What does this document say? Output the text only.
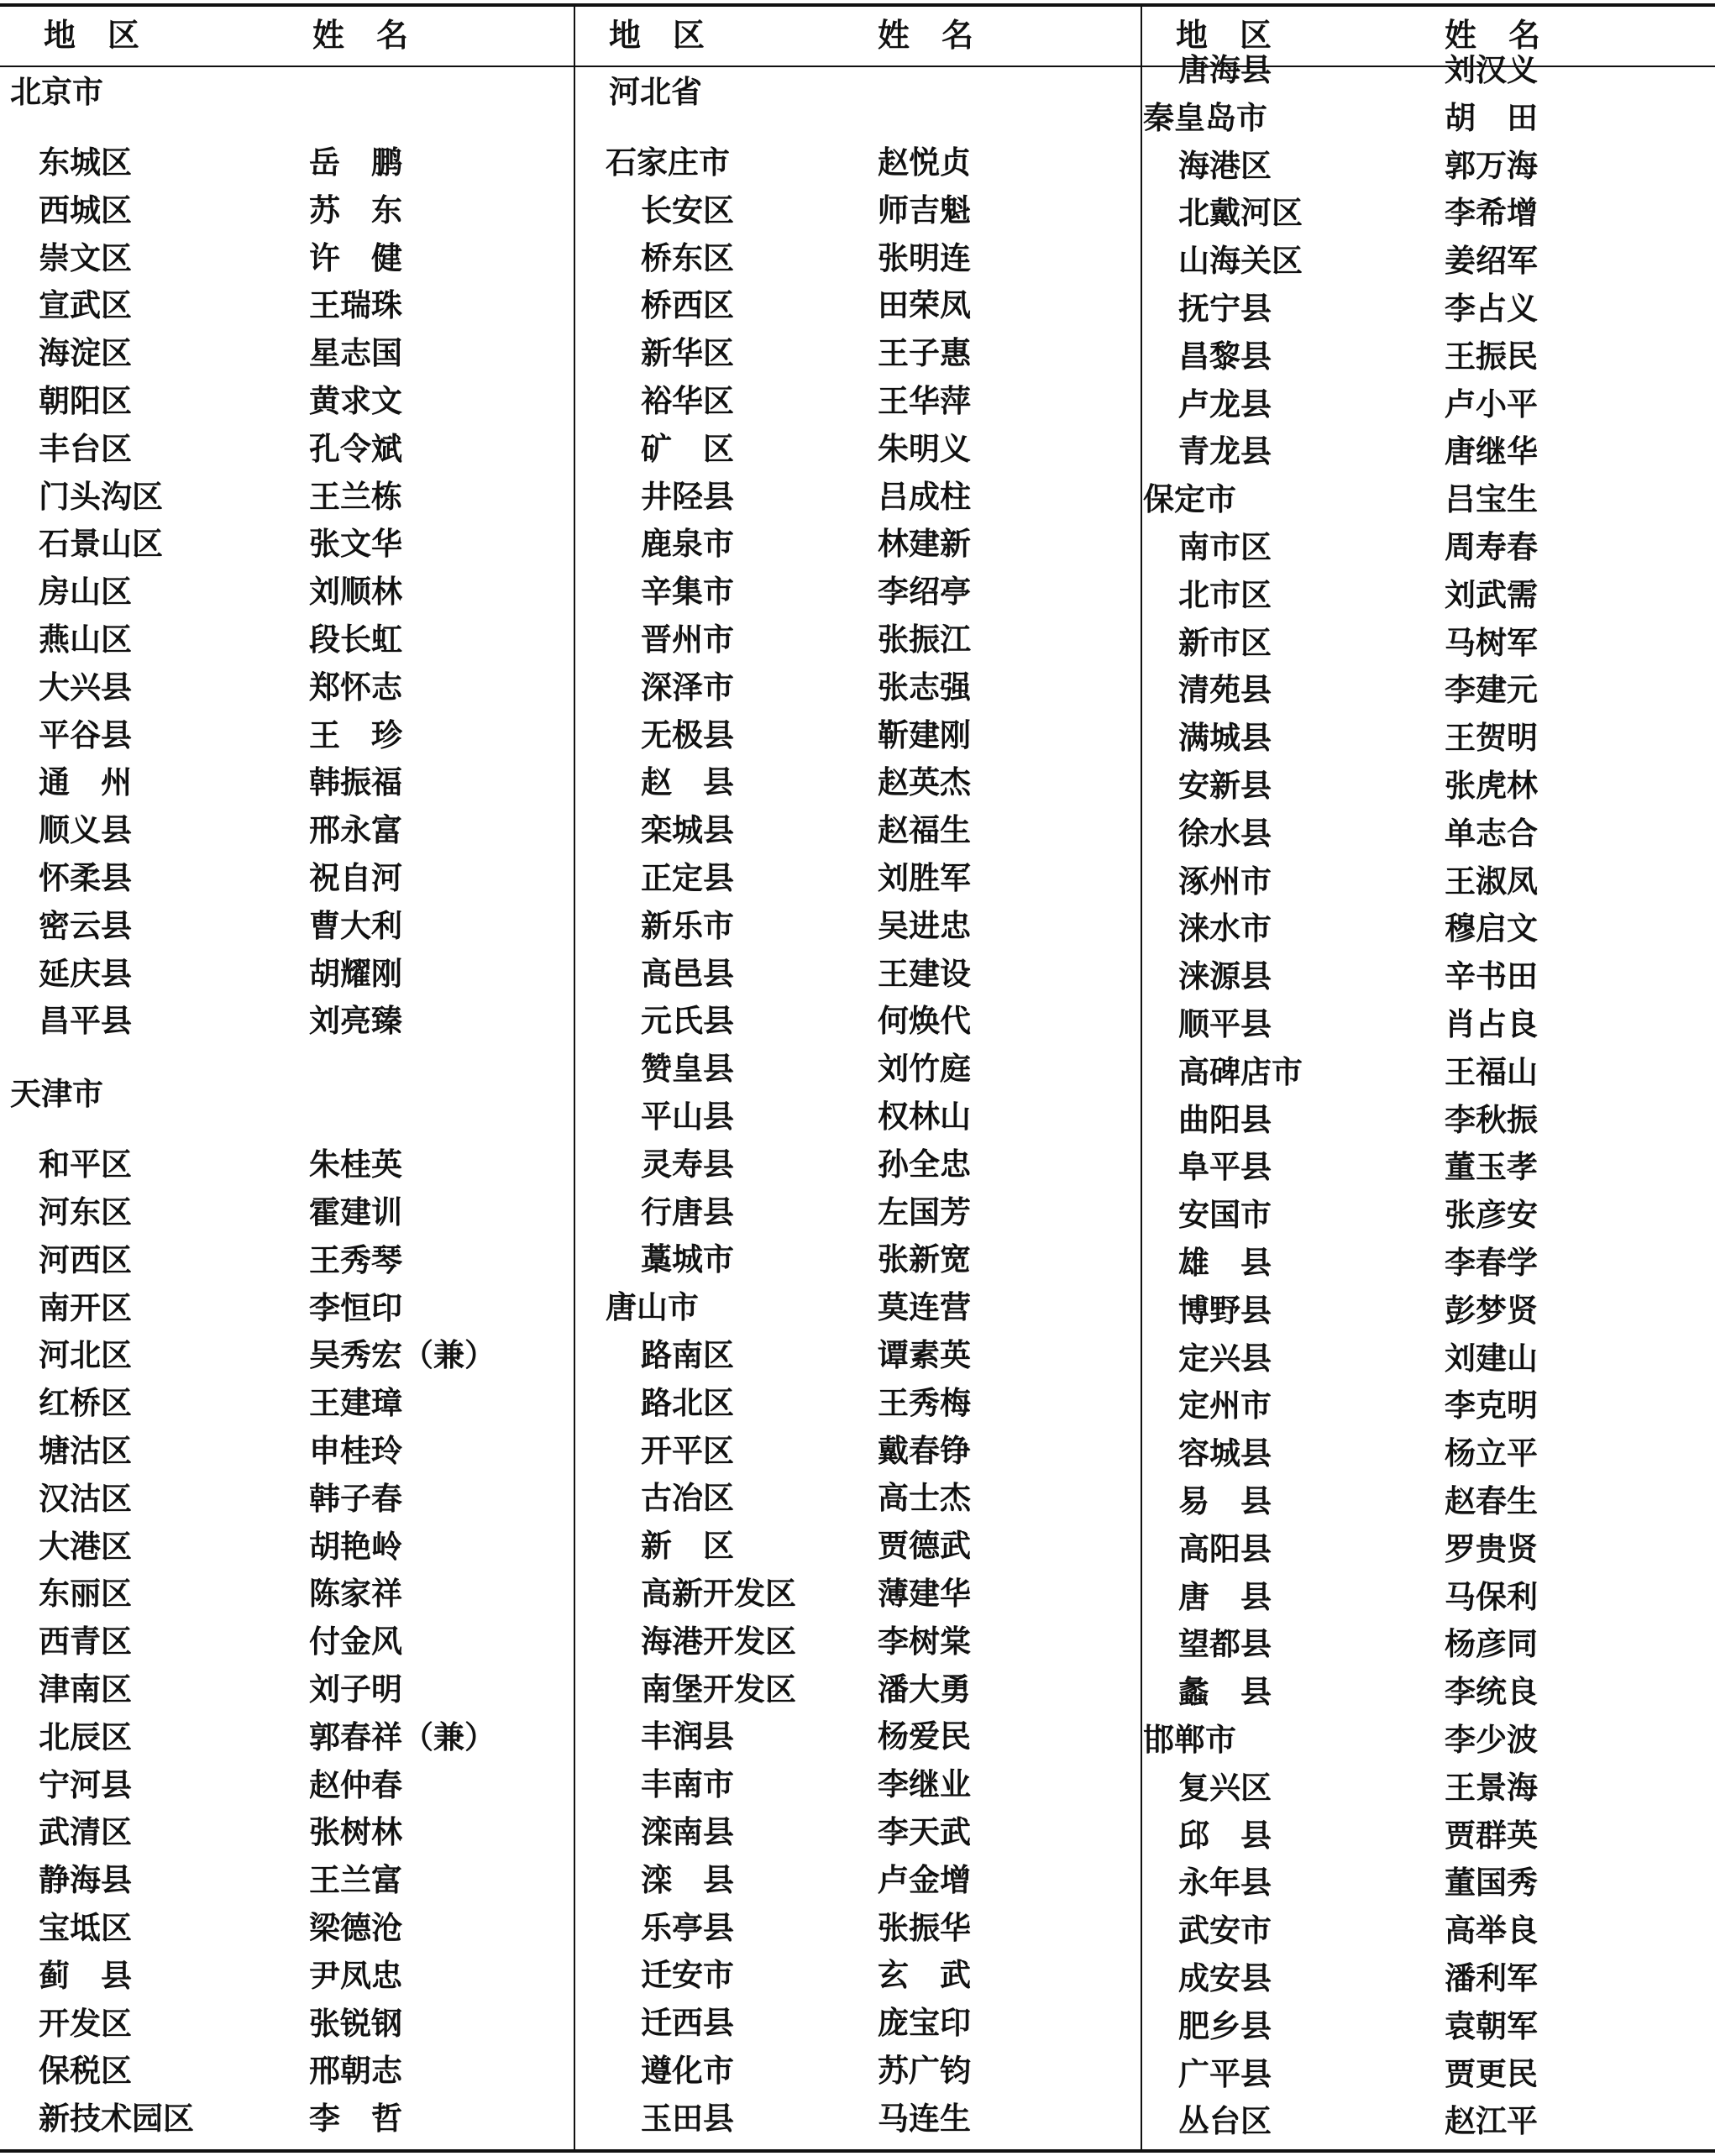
地　区	姓　名	地　区	姓　名	地　区	姓　名
北京市
东城区	岳　鹏
西城区	苏　东
崇文区	许　健
宣武区	王瑞珠
海淀区	星志国
朝阳区	黄求文
丰台区	孔令斌
门头沟区	王兰栋
石景山区	张文华
房山区	刘顺林
燕山区	段长虹
大兴县	郑怀志
平谷县	王　珍
通　州	韩振福
顺义县	邢永富
怀柔县	祝自河
密云县	曹大利
延庆县	胡耀刚
昌平县	刘亮臻
天津市
和平区	朱桂英
河东区	霍建训
河西区	王秀琴
南开区	李恒印
河北区	吴秀宏（兼）
红桥区	王建璋
塘沽区	申桂玲
汉沽区	韩子春
大港区	胡艳岭
东丽区	陈家祥
西青区	付金风
津南区	刘子明
北辰区	郭春祥（兼）
宁河县	赵仲春
武清区	张树林
静海县	王兰富
宝坻区	梁德沧
蓟　县	尹凤忠
开发区	张锐钢
保税区	邢朝志
新技术园区	李　哲
河北省
石家庄市	赵悦贞
长安区	师吉魁
桥东区	张明连
桥西区	田荣凤
新华区	王子惠
裕华区	王华萍
矿　区	朱明义
井陉县	吕成柱
鹿泉市	林建新
辛集市	李绍亭
晋州市	张振江
深泽市	张志强
无极县	靳建刚
赵　县	赵英杰
栾城县	赵福生
正定县	刘胜军
新乐市	吴进忠
高邑县	王建设
元氏县	何焕代
赞皇县	刘竹庭
平山县	权林山
灵寿县	孙全忠
行唐县	左国芳
藁城市	张新宽
唐山市	莫连营
路南区	谭素英
路北区	王秀梅
开平区	戴春铮
古冶区	高士杰
新　区	贾德武
高新开发区	薄建华
海港开发区	李树棠
南堡开发区	潘大勇
丰润县	杨爱民
丰南市	李继业
滦南县	李天武
滦　县	卢金增
乐亭县	张振华
迁安市	玄　武
迁西县	庞宝印
遵化市	苏广钧
玉田县	马连生
唐海县	刘汉义
秦皇岛市	胡　田
海港区	郭万海
北戴河区	李希增
山海关区	姜绍军
抚宁县	李占义
昌黎县	王振民
卢龙县	卢小平
青龙县	唐继华
保定市	吕宝生
南市区	周寿春
北市区	刘武需
新市区	马树军
清苑县	李建元
满城县	王贺明
安新县	张虎林
徐水县	单志合
涿州市	王淑凤
涞水市	穆启文
涞源县	辛书田
顺平县	肖占良
高碑店市	王福山
曲阳县	李秋振
阜平县	董玉孝
安国市	张彦安
雄　县	李春学
博野县	彭梦贤
定兴县	刘建山
定州市	李克明
容城县	杨立平
易　县	赵春生
高阳县	罗贵贤
唐　县	马保利
望都县	杨彦同
蠡　县	李统良
邯郸市	李少波
复兴区	王景海
邱　县	贾群英
永年县	董国秀
武安市	高举良
成安县	潘利军
肥乡县	袁朝军
广平县	贾更民
丛台区	赵江平
